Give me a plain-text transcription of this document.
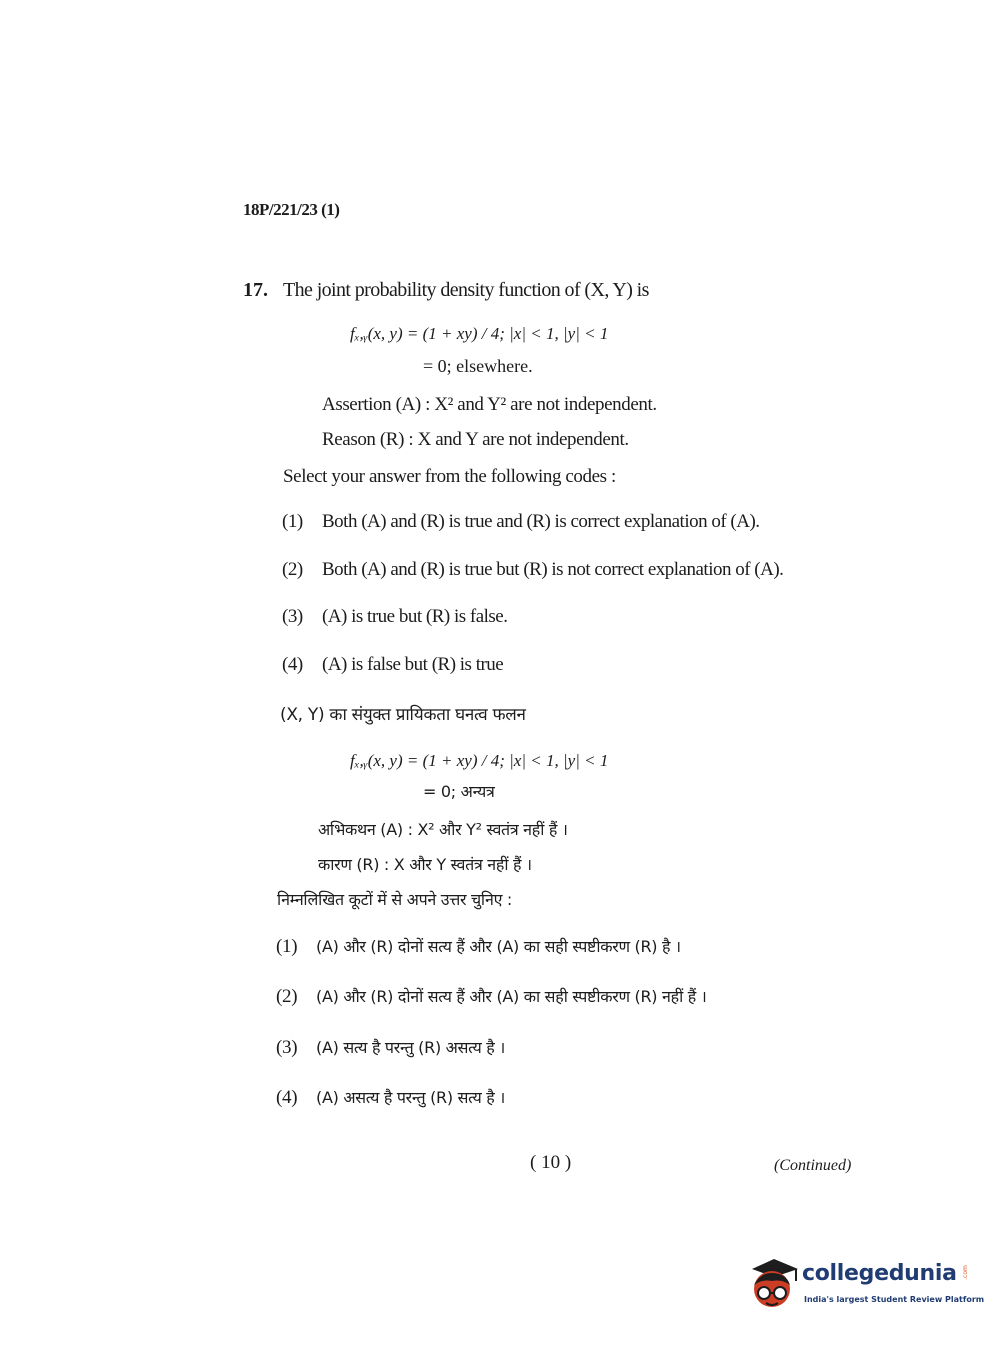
18P/221/23 (1)
17. The joint probability density function of (X, Y) is
fₓ,ᵧ(x, y) = (1 + xy) / 4; |x| < 1, |y| < 1
= 0; elsewhere.
Assertion (A) : X² and Y² are not independent.
Reason (R) : X and Y are not independent.
Select your answer from the following codes :
(1) Both (A) and (R) is true and (R) is correct explanation of (A).
(2) Both (A) and (R) is true but (R) is not correct explanation of (A).
(3) (A) is true but (R) is false.
(4) (A) is false but (R) is true
(X, Y) का संयुक्त प्रायिकता घनत्व फलन
fₓ,ᵧ(x, y) = (1 + xy) / 4; |x| < 1, |y| < 1
= 0; अन्यत्र
अभिकथन (A) : X² और Y² स्वतंत्र नहीं हैं ।
कारण (R) : X और Y स्वतंत्र नहीं हैं ।
निम्नलिखित कूटों में से अपने उत्तर चुनिए :
(1) (A) और (R) दोनों सत्य हैं और (A) का सही स्पष्टीकरण (R) है ।
(2) (A) और (R) दोनों सत्य हैं और (A) का सही स्पष्टीकरण (R) नहीं हैं ।
(3) (A) सत्य है परन्तु (R) असत्य है ।
(4) (A) असत्य है परन्तु (R) सत्य है ।
( 10 )	(Continued)
collegedunia .com
India's largest Student Review Platform
